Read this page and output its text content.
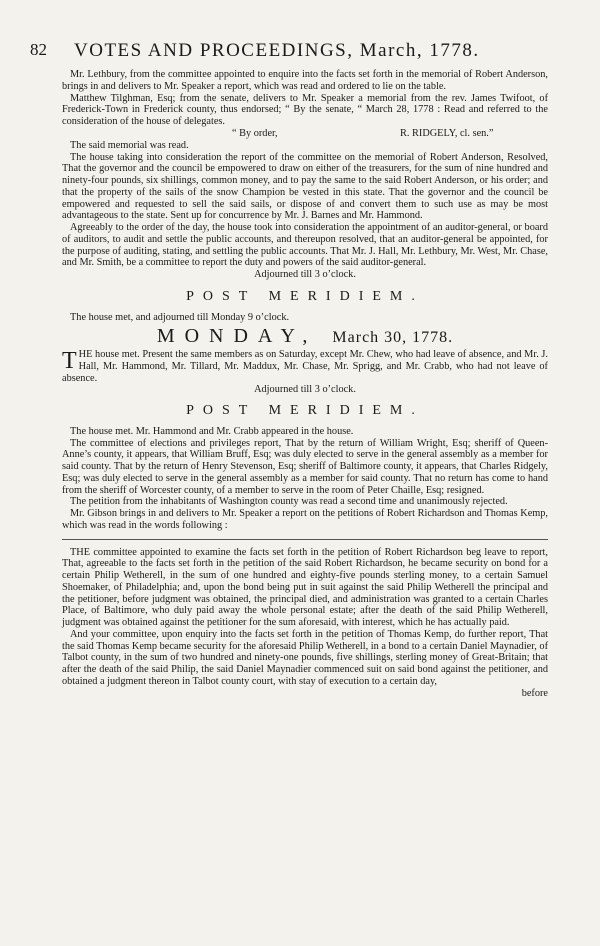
82 VOTES AND PROCEEDINGS, March, 1778.

Mr. Lethbury, from the committee appointed to enquire into the facts set forth in the memorial of Robert Anderson, brings in and delivers to Mr. Speaker a report, which was read and ordered to lie on the table.

Matthew Tilghman, Esq; from the senate, delivers to Mr. Speaker a memorial from the rev. James Twifoot, of Frederick-Town in Frederick county, thus endorsed; “ By the senate, “ March 28, 1778 : Read and referred to the consideration of the house of delegates.

“ By order,	R. RIDGELY, cl. sen.”

The said memorial was read.

The house taking into consideration the report of the committee on the memorial of Robert Anderson, Resolved, That the governor and the council be empowered to draw on either of the treasurers, for the sum of nine hundred and ninety-four pounds, six shillings, common money, and to pay the same to the said Robert Anderson, or his order; and that the property of the sails of the snow Champion be vested in this state. That the governor and the council be empowered and requested to sell the said sails, or dispose of and convert them to such use as may be most advantageous to the state. Sent up for concurrence by Mr. J. Barnes and Mr. Hammond.

Agreeably to the order of the day, the house took into consideration the appointment of an auditor-general, or board of auditors, to audit and settle the public accounts, and thereupon resolved, that an auditor-general be appointed, for the purpose of auditing, stating, and settling the public accounts. That Mr. J. Hall, Mr. Lethbury, Mr. West, Mr. Chase, and Mr. Smith, be a committee to report the duty and powers of the said auditor-general.

Adjourned till 3 o’clock.

POST MERIDIEM.

The house met, and adjourned till Monday 9 o’clock.

MONDAY, March 30, 1778.

THE house met. Present the same members as on Saturday, except Mr. Chew, who had leave of absence, and Mr. J. Hall, Mr. Hammond, Mr. Tillard, Mr. Maddux, Mr. Chase, Mr. Sprigg, and Mr. Crabb, who had not leave of absence.

Adjourned till 3 o’clock.

POST MERIDIEM.

The house met. Mr. Hammond and Mr. Crabb appeared in the house.

The committee of elections and privileges report, That by the return of William Wright, Esq; sheriff of Queen-Anne’s county, it appears, that William Bruff, Esq; was duly elected to serve in the general assembly as a member for said county. That by the return of Henry Stevenson, Esq; sheriff of Baltimore county, it appears, that Charles Ridgely, Esq; was duly elected to serve in the general assembly as a member for said county. That no return has come to hand from the sheriff of Worcester county, of a member to serve in the room of Peter Chaille, Esq; resigned.

The petition from the inhabitants of Washington county was read a second time and unanimously rejected.

Mr. Gibson brings in and delivers to Mr. Speaker a report on the petitions of Robert Richardson and Thomas Kemp, which was read in the words following :

THE committee appointed to examine the facts set forth in the petition of Robert Richardson beg leave to report, That, agreeable to the facts set forth in the petition of the said Robert Richardson, he became security on bond for a certain Philip Wetherell, in the sum of one hundred and eighty-five pounds sterling money, to a certain Samuel Shoemaker, of Philadelphia; and, upon the bond being put in suit against the said Philip Wetherell the principal and the petitioner, before judgment was obtained, the principal died, and administration was granted to a certain Charles Place, of Baltimore, who duly paid away the whole personal estate; after the death of the said Philip Wetherell, judgment was obtained against the petitioner for the sum aforesaid, with interest, which he has actually paid.

And your committee, upon enquiry into the facts set forth in the petition of Thomas Kemp, do further report, That the said Thomas Kemp became security for the aforesaid Philip Wetherell, in a bond to a certain Daniel Maynadier, of Talbot county, in the sum of two hundred and ninety-one pounds, five shillings, sterling money of Great-Britain; that after the death of the said Philip, the said Daniel Maynadier commenced suit on said bond against the petitioner, and obtained a judgment thereon in Talbot county court, with stay of execution to a certain day,

before
